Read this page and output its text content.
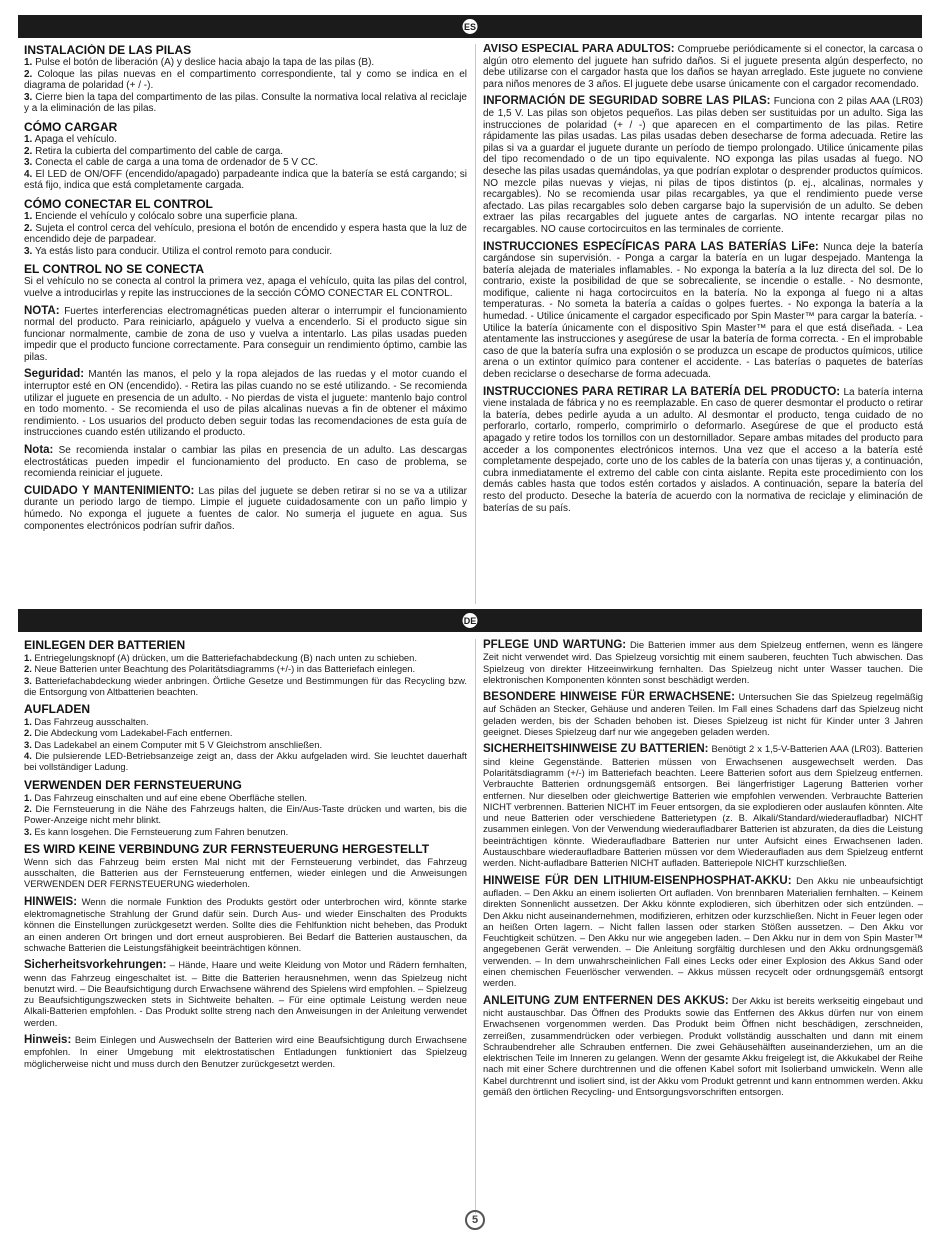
ES
INSTALACIÓN DE LAS PILAS

1. Pulse el botón de liberación (A) y deslice hacia abajo la tapa de las pilas (B).

2. Coloque las pilas nuevas en el compartimento correspondiente, tal y como se indica en el diagrama de polaridad (+ / -).

3. Cierre bien la tapa del compartimento de las pilas. Consulte la normativa local relativa al reciclaje y a la eliminación de las pilas.

CÓMO CARGAR

1. Apaga el vehículo.

2. Retira la cubierta del compartimento del cable de carga.

3. Conecta el cable de carga a una toma de ordenador de 5 V CC.

4. El LED de ON/OFF (encendido/apagado) parpadeante indica que la batería se está cargando; si está fijo, indica que está completamente cargada.

CÓMO CONECTAR EL CONTROL

1. Enciende el vehículo y colócalo sobre una superficie plana.

2. Sujeta el control cerca del vehículo, presiona el botón de encendido y espera hasta que la luz de encendido deje de parpadear.

3. Ya estás listo para conducir. Utiliza el control remoto para conducir.

EL CONTROL NO SE CONECTA

Si el vehículo no se conecta al control la primera vez, apaga el vehículo, quita las pilas del control, vuelve a introducirlas y repite las instrucciones de la sección CÓMO CONECTAR EL CONTROL.

NOTA: Fuertes interferencias electromagnéticas pueden alterar o interrumpir el funcionamiento normal del producto. Para reiniciarlo, apáguelo y vuelva a encenderlo. Si el producto sigue sin funcionar normalmente, cambie de zona de uso y vuelva a intentarlo. Las pilas usadas pueden impedir que el producto funcione correctamente. Para conseguir un rendimiento óptimo, cambie las pilas.

Seguridad: Mantén las manos, el pelo y la ropa alejados de las ruedas y el motor cuando el interruptor esté en ON (encendido). - Retira las pilas cuando no se esté utilizando. - Se recomienda utilizar el juguete en presencia de un adulto. - No pierdas de vista el juguete: mantenlo bajo control en todo momento. - Se recomienda el uso de pilas alcalinas nuevas a fin de obtener el máximo rendimiento. - Los usuarios del producto deben seguir todas las recomendaciones de esta guía de instrucciones cuando estén utilizando el producto.

Nota: Se recomienda instalar o cambiar las pilas en presencia de un adulto. Las descargas electrostáticas pueden impedir el funcionamiento del producto. En caso de problema, se recomienda reiniciar el juguete.

CUIDADO Y MANTENIMIENTO: Las pilas del juguete se deben retirar si no se va a utilizar durante un periodo largo de tiempo. Limpie el juguete cuidadosamente con un paño limpio y húmedo. No exponga el juguete a fuentes de calor. No sumerja el juguete en agua. Sus componentes electrónicos podrían sufrir daños.

AVISO ESPECIAL PARA ADULTOS: Compruebe periódicamente si el conector, la carcasa o algún otro elemento del juguete han sufrido daños. Si el juguete presenta algún desperfecto, no debe utilizarse con el cargador hasta que los daños se hayan arreglado. Este juguete no conviene para niños menores de 3 años. El juguete debe usarse únicamente con el cargador recomendado.

INFORMACIÓN DE SEGURIDAD SOBRE LAS PILAS: Funciona con 2 pilas AAA (LR03) de 1,5 V. Las pilas son objetos pequeños. Las pilas deben ser sustituidas por un adulto. Siga las instrucciones de polaridad (+ / -) que aparecen en el compartimento de las pilas. Retire rápidamente las pilas usadas. Las pilas usadas deben desecharse de forma adecuada. Retire las pilas si va a guardar el juguete durante un período de tiempo prolongado. Utilice únicamente pilas del tipo recomendado o de un tipo equivalente. NO exponga las pilas usadas al fuego. NO deseche las pilas usadas quemándolas, ya que podrían explotar o desprender productos químicos. NO mezcle pilas nuevas y viejas, ni pilas de tipos distintos (p. ej., alcalinas, normales y recargables). No se recomienda usar pilas recargables, ya que el rendimiento puede verse afectado. Las pilas recargables solo deben cargarse bajo la supervisión de un adulto. Se deben extraer las pilas recargables del juguete antes de cargarlas. NO intente recargar pilas no recargables. NO cause cortocircuitos en las terminales de corriente.

INSTRUCCIONES ESPECÍFICAS PARA LAS BATERÍAS LiFe: Nunca deje la batería cargándose sin supervisión. - Ponga a cargar la batería en un lugar despejado. Mantenga la batería alejada de materiales inflamables. - No exponga la batería a la luz directa del sol. De lo contrario, existe la posibilidad de que se sobrecaliente, se incendie o estalle. - No desmonte, modifique, caliente ni haga cortocircuitos en la batería. No la exponga al fuego ni a altas temperaturas. - No someta la batería a caídas o golpes fuertes. - No exponga la batería a la humedad. - Utilice únicamente el cargador especificado por Spin Master™ para cargar la batería. - Utilice la batería únicamente con el dispositivo Spin Master™ para el que está diseñada. - Lea atentamente las instrucciones y asegúrese de usar la batería de forma correcta. - En el improbable caso de que la batería sufra una explosión o se produzca un escape de productos químicos, utilice arena o un extintor químico para contener el accidente. - Las baterías o paquetes de baterías deben reciclarse o desecharse de forma adecuada.

INSTRUCCIONES PARA RETIRAR LA BATERÍA DEL PRODUCTO: La batería interna viene instalada de fábrica y no es reemplazable. En caso de querer desmontar el producto o retirar la batería, debes pedirle ayuda a un adulto. Al desmontar el producto, tenga cuidado de no perforarlo, cortarlo, romperlo, comprimirlo o deformarlo. Asegúrese de que el producto está apagado y retire todos los tornillos con un destornillador. Separe ambas mitades del producto para acceder a los componentes electrónicos internos. Una vez que el acceso a la batería esté completamente despejado, corte uno de los cables de la batería con unas tijeras y, a continuación, cubra inmediatamente el extremo del cable con cinta aislante. Repita este procedimiento con los demás cables hasta que todos estén cortados y aislados. A continuación, separe la batería del resto del producto. Deseche la batería de acuerdo con la normativa de reciclaje y eliminación de baterías de su país.

DE
EINLEGEN DER BATTERIEN

1. Entriegelungsknopf (A) drücken, um die Batteriefachabdeckung (B) nach unten zu schieben.

2. Neue Batterien unter Beachtung des Polaritätsdiagramms (+/-) in das Batteriefach einlegen.

3. Batteriefachabdeckung wieder anbringen. Örtliche Gesetze und Bestimmungen für das Recycling bzw. die Entsorgung von Altbatterien beachten.

AUFLADEN

1. Das Fahrzeug ausschalten.

2. Die Abdeckung vom Ladekabel-Fach entfernen.

3. Das Ladekabel an einem Computer mit 5 V Gleichstrom anschließen.

4. Die pulsierende LED-Betriebsanzeige zeigt an, dass der Akku aufgeladen wird. Sie leuchtet dauerhaft bei vollständiger Ladung.

VERWENDEN DER FERNSTEUERUNG

1. Das Fahrzeug einschalten und auf eine ebene Oberfläche stellen.

2. Die Fernsteuerung in die Nähe des Fahrzeugs halten, die Ein/Aus-Taste drücken und warten, bis die Power-Anzeige nicht mehr blinkt.

3. Es kann losgehen. Die Fernsteuerung zum Fahren benutzen.

ES WIRD KEINE VERBINDUNG ZUR FERNSTEUERUNG HERGESTELLT

Wenn sich das Fahrzeug beim ersten Mal nicht mit der Fernsteuerung verbindet, das Fahrzeug ausschalten, die Batterien aus der Fernsteuerung entfernen, wieder einlegen und die Anweisungen VERWENDEN DER FERNSTEUERUNG wiederholen.

HINWEIS: Wenn die normale Funktion des Produkts gestört oder unterbrochen wird, könnte starke elektromagnetische Strahlung der Grund dafür sein. Durch Aus- und wieder Einschalten des Produkts können die Einstellungen zurückgesetzt werden. Sollte dies die Fehlfunktion nicht beheben, das Produkt an einen anderen Ort bringen und dort erneut ausprobieren. Bei Bedarf die Batterien austauschen, da schwache Batterien die Leistungsfähigkeit beeinträchtigen können.

Sicherheitsvorkehrungen: – Hände, Haare und weite Kleidung von Motor und Rädern fernhalten, wenn das Fahrzeug eingeschaltet ist. – Bitte die Batterien herausnehmen, wenn das Spielzeug nicht benutzt wird. – Die Beaufsichtigung durch Erwachsene während des Spielens wird empfohlen. – Spielzeug zu Beaufsichtigungszwecken stets in Sichtweite behalten. – Für eine optimale Leistung werden neue Alkali-Batterien empfohlen. - Das Produkt sollte streng nach den Anweisungen in der Anleitung verwendet werden.

Hinweis: Beim Einlegen und Auswechseln der Batterien wird eine Beaufsichtigung durch Erwachsene empfohlen. In einer Umgebung mit elektrostatischen Entladungen funktioniert das Spielzeug möglicherweise nicht und muss durch den Benutzer zurückgesetzt werden.

PFLEGE UND WARTUNG: Die Batterien immer aus dem Spielzeug entfernen, wenn es längere Zeit nicht verwendet wird. Das Spielzeug vorsichtig mit einem sauberen, feuchten Tuch abwischen. Das Spielzeug von direkter Hitzeeinwirkung fernhalten. Das Spielzeug nicht unter Wasser tauchen. Die elektronischen Komponenten könnten sonst beschädigt werden.

BESONDERE HINWEISE FÜR ERWACHSENE: Untersuchen Sie das Spielzeug regelmäßig auf Schäden an Stecker, Gehäuse und anderen Teilen. Im Fall eines Schadens darf das Spielzeug nicht geladen werden, bis der Schaden behoben ist. Dieses Spielzeug ist nicht für Kinder unter 3 Jahren geeignet. Dieses Spielzeug darf nur wie angegeben geladen werden.

SICHERHEITSHINWEISE ZU BATTERIEN: Benötigt 2 x 1,5-V-Batterien AAA (LR03). Batterien sind kleine Gegenstände. Batterien müssen von Erwachsenen ausgewechselt werden. Das Polaritätsdiagramm (+/-) im Batteriefach beachten. Leere Batterien sofort aus dem Spielzeug entfernen. Verbrauchte Batterien ordnungsgemäß entsorgen. Bei längerfristiger Lagerung Batterien vorher entfernen. Nur dieselben oder gleichwertige Batterien wie empfohlen verwenden. Verbrauchte Batterien NICHT verbrennen. Batterien NICHT im Feuer entsorgen, da sie explodieren oder auslaufen könnten. Alte und neue Batterien oder verschiedene Batterietypen (z. B. Alkali/Standard/wiederaufladbar) NICHT zusammen einlegen. Von der Verwendung wiederaufladbarer Batterien ist abzuraten, da dies die Leistung beeinträchtigen könnte. Wiederaufladbare Batterien nur unter Aufsicht eines Erwachsenen laden. Austauschbare wiederaufladbare Batterien müssen vor dem Wiederaufladen aus dem Spielzeug entfernt werden. Nicht-aufladbare Batterien NICHT aufladen. Batteriepole NICHT kurzschließen.

HINWEISE FÜR DEN LITHIUM-EISENPHOSPHAT-AKKU: Den Akku nie unbeaufsichtigt aufladen. – Den Akku an einem isolierten Ort aufladen. Von brennbaren Materialien fernhalten. – Keinem direkten Sonnenlicht aussetzen. Der Akku könnte explodieren, sich überhitzen oder sich entzünden. – Den Akku nicht auseinandernehmen, modifizieren, erhitzen oder kurzschließen. Nicht in Feuer legen oder an heißen Orten lagern. – Nicht fallen lassen oder starken Stößen aussetzen. – Den Akku vor Feuchtigkeit schützen. – Den Akku nur wie angegeben laden. – Den Akku nur in dem von Spin Master™ angegebenen Gerät verwenden. – Die Anleitung sorgfältig durchlesen und den Akku ordnungsgemäß verwenden. – In dem unwahrscheinlichen Fall eines Lecks oder einer Explosion des Akkus Sand oder einen chemischen Feuerlöscher verwenden. – Akkus müssen recycelt oder ordnungsgemäß entsorgt werden.

ANLEITUNG ZUM ENTFERNEN DES AKKUS: Der Akku ist bereits werkseitig eingebaut und nicht austauschbar. Das Öffnen des Produkts sowie das Entfernen des Akkus dürfen nur von einem Erwachsenen vorgenommen werden. Das Produkt beim Öffnen nicht beschädigen, zerschneiden, zerreißen, zusammendrücken oder verbiegen. Produkt vollständig ausschalten und dann mit einem Schraubendreher alle Schrauben entfernen. Die zwei Gehäusehälften auseinanderziehen, um an die elektrischen Teile im Inneren zu gelangen. Wenn der gesamte Akku freigelegt ist, die Akkukabel der Reihe nach mit einer Schere durchtrennen und die offenen Kabel sofort mit Isolierband umwickeln. Wenn alle Kabel durchtrennt und isoliert sind, ist der Akku vom Produkt getrennt und kann entnommen werden. Akku gemäß den örtlichen Recycling- und Entsorgungsvorschriften entsorgen.

5
